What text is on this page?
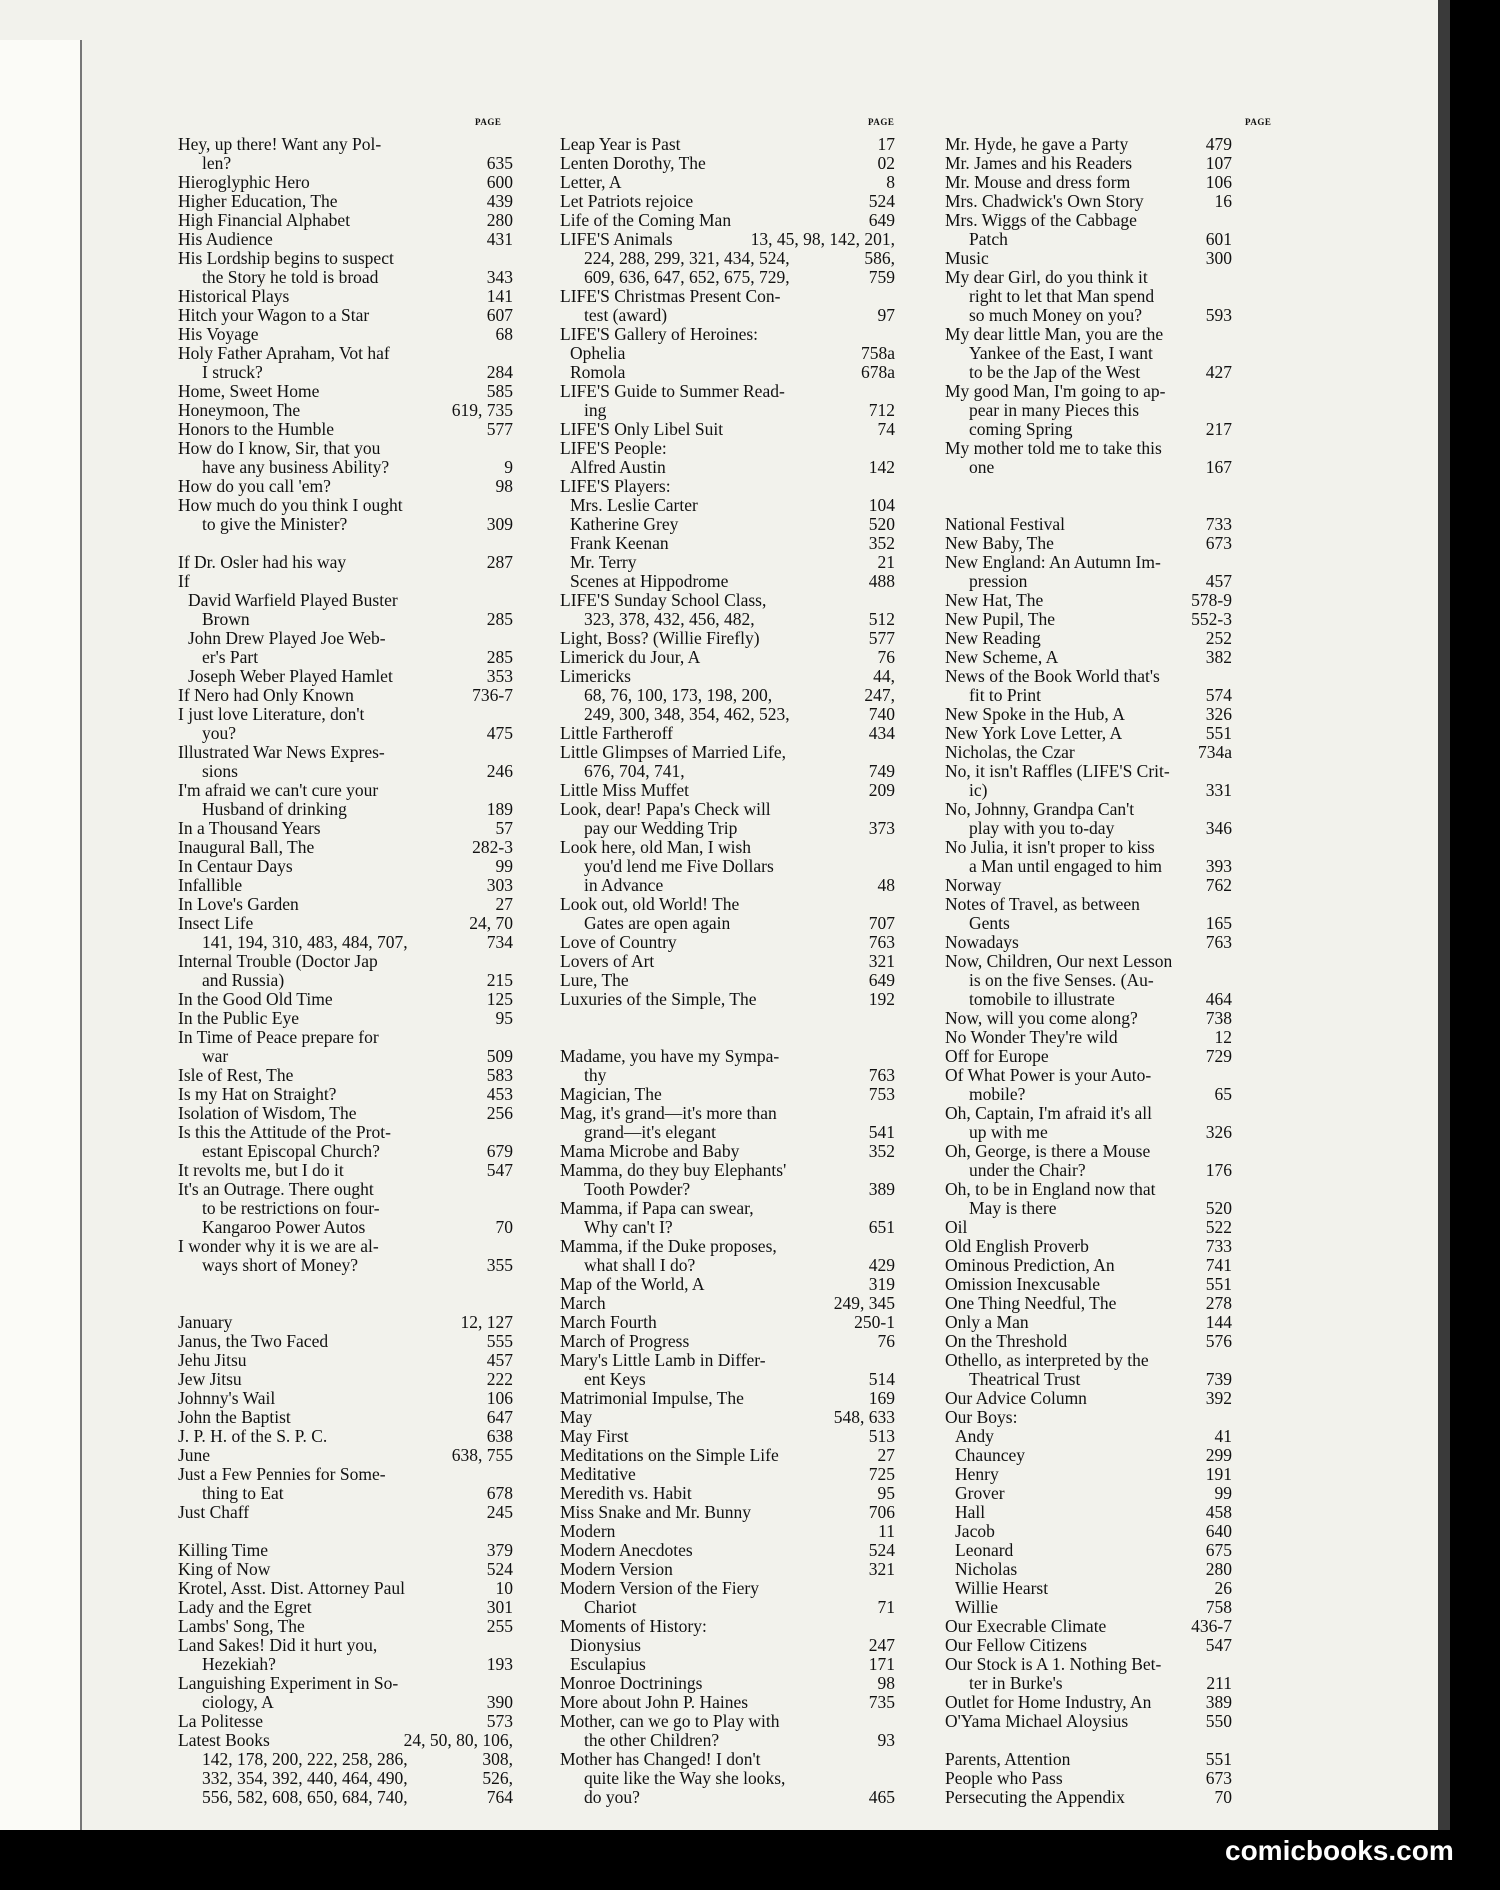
PAGE	PAGE	PAGE
Hey, up there! Want any Pol-
len?	635
Hieroglyphic Hero	600
Higher Education, The	439
High Financial Alphabet	280
His Audience	431
His Lordship begins to suspect
the Story he told is broad	343
Historical Plays	141
Hitch your Wagon to a Star	607
His Voyage	68
Holy Father Apraham, Vot haf
I struck?	284
Home, Sweet Home	585
Honeymoon, The	619, 735
Honors to the Humble	577
How do I know, Sir, that you
have any business Ability?	9
How do you call 'em?	98
How much do you think I ought
to give the Minister?	309
If Dr. Osler had his way	287
If
David Warfield Played Buster
Brown	285
John Drew Played Joe Web-
er's Part	285
Joseph Weber Played Hamlet	353
If Nero had Only Known	736-7
I just love Literature, don't
you?	475
Illustrated War News Expres-
sions	246
I'm afraid we can't cure your
Husband of drinking	189
In a Thousand Years	57
Inaugural Ball, The	282-3
In Centaur Days	99
Infallible	303
In Love's Garden	27
Insect Life	24, 70
141, 194, 310, 483, 484, 707,	734
Internal Trouble (Doctor Jap
and Russia)	215
In the Good Old Time	125
In the Public Eye	95
In Time of Peace prepare for
war	509
Isle of Rest, The	583
Is my Hat on Straight?	453
Isolation of Wisdom, The	256
Is this the Attitude of the Prot-
estant Episcopal Church?	679
It revolts me, but I do it	547
It's an Outrage. There ought
to be restrictions on four-
Kangaroo Power Autos	70
I wonder why it is we are al-
ways short of Money?	355
January	12, 127
Janus, the Two Faced	555
Jehu Jitsu	457
Jew Jitsu	222
Johnny's Wail	106
John the Baptist	647
J. P. H. of the S. P. C.	638
June	638, 755
Just a Few Pennies for Some-
thing to Eat	678
Just Chaff	245
Killing Time	379
King of Now	524
Krotel, Asst. Dist. Attorney Paul	10
Lady and the Egret	301
Lambs' Song, The	255
Land Sakes! Did it hurt you,
Hezekiah?	193
Languishing Experiment in So-
ciology, A	390
La Politesse	573
Latest Books	24, 50, 80, 106,
142, 178, 200, 222, 258, 286,	308,
332, 354, 392, 440, 464, 490,	526,
556, 582, 608, 650, 684, 740,	764
Leap Year is Past	17
Lenten Dorothy, The	02
Letter, A	8
Let Patriots rejoice	524
Life of the Coming Man	649
LIFE'S Animals	13, 45, 98, 142, 201,
224, 288, 299, 321, 434, 524,	586,
609, 636, 647, 652, 675, 729,	759
LIFE'S Christmas Present Con-
test (award)	97
LIFE'S Gallery of Heroines:
Ophelia	758a
Romola	678a
LIFE'S Guide to Summer Read-
ing	712
LIFE'S Only Libel Suit	74
LIFE'S People:
Alfred Austin	142
LIFE'S Players:
Mrs. Leslie Carter	104
Katherine Grey	520
Frank Keenan	352
Mr. Terry	21
Scenes at Hippodrome	488
LIFE'S Sunday School Class,
323, 378, 432, 456, 482,	512
Light, Boss? (Willie Firefly)	577
Limerick du Jour, A	76
Limericks	44,
68, 76, 100, 173, 198, 200,	247,
249, 300, 348, 354, 462, 523,	740
Little Fartheroff	434
Little Glimpses of Married Life,
676, 704, 741,	749
Little Miss Muffet	209
Look, dear! Papa's Check will
pay our Wedding Trip	373
Look here, old Man, I wish
you'd lend me Five Dollars
in Advance	48
Look out, old World! The
Gates are open again	707
Love of Country	763
Lovers of Art	321
Lure, The	649
Luxuries of the Simple, The	192
Madame, you have my Sympa-
thy	763
Magician, The	753
Mag, it's grand—it's more than
grand—it's elegant	541
Mama Microbe and Baby	352
Mamma, do they buy Elephants'
Tooth Powder?	389
Mamma, if Papa can swear,
Why can't I?	651
Mamma, if the Duke proposes,
what shall I do?	429
Map of the World, A	319
March	249, 345
March Fourth	250-1
March of Progress	76
Mary's Little Lamb in Differ-
ent Keys	514
Matrimonial Impulse, The	169
May	548, 633
May First	513
Meditations on the Simple Life	27
Meditative	725
Meredith vs. Habit	95
Miss Snake and Mr. Bunny	706
Modern	11
Modern Anecdotes	524
Modern Version	321
Modern Version of the Fiery
Chariot	71
Moments of History:
Dionysius	247
Esculapius	171
Monroe Doctrinings	98
More about John P. Haines	735
Mother, can we go to Play with
the other Children?	93
Mother has Changed! I don't
quite like the Way she looks,
do you?	465
Mr. Hyde, he gave a Party	479
Mr. James and his Readers	107
Mr. Mouse and dress form	106
Mrs. Chadwick's Own Story	16
Mrs. Wiggs of the Cabbage
Patch	601
Music	300
My dear Girl, do you think it
right to let that Man spend
so much Money on you?	593
My dear little Man, you are the
Yankee of the East, I want
to be the Jap of the West	427
My good Man, I'm going to ap-
pear in many Pieces this
coming Spring	217
My mother told me to take this
one	167
National Festival	733
New Baby, The	673
New England: An Autumn Im-
pression	457
New Hat, The	578-9
New Pupil, The	552-3
New Reading	252
New Scheme, A	382
News of the Book World that's
fit to Print	574
New Spoke in the Hub, A	326
New York Love Letter, A	551
Nicholas, the Czar	734a
No, it isn't Raffles (LIFE'S Crit-
ic)	331
No, Johnny, Grandpa Can't
play with you to-day	346
No Julia, it isn't proper to kiss
a Man until engaged to him	393
Norway	762
Notes of Travel, as between
Gents	165
Nowadays	763
Now, Children, Our next Lesson
is on the five Senses. (Au-
tomobile to illustrate	464
Now, will you come along?	738
No Wonder They're wild	12
Off for Europe	729
Of What Power is your Auto-
mobile?	65
Oh, Captain, I'm afraid it's all
up with me	326
Oh, George, is there a Mouse
under the Chair?	176
Oh, to be in England now that
May is there	520
Oil	522
Old English Proverb	733
Ominous Prediction, An	741
Omission Inexcusable	551
One Thing Needful, The	278
Only a Man	144
On the Threshold	576
Othello, as interpreted by the
Theatrical Trust	739
Our Advice Column	392
Our Boys:
Andy	41
Chauncey	299
Henry	191
Grover	99
Hall	458
Jacob	640
Leonard	675
Nicholas	280
Willie Hearst	26
Willie	758
Our Execrable Climate	436-7
Our Fellow Citizens	547
Our Stock is A 1. Nothing Bet-
ter in Burke's	211
Outlet for Home Industry, An	389
O'Yama Michael Aloysius	550
Parents, Attention	551
People who Pass	673
Persecuting the Appendix	70
comicbooks.com
